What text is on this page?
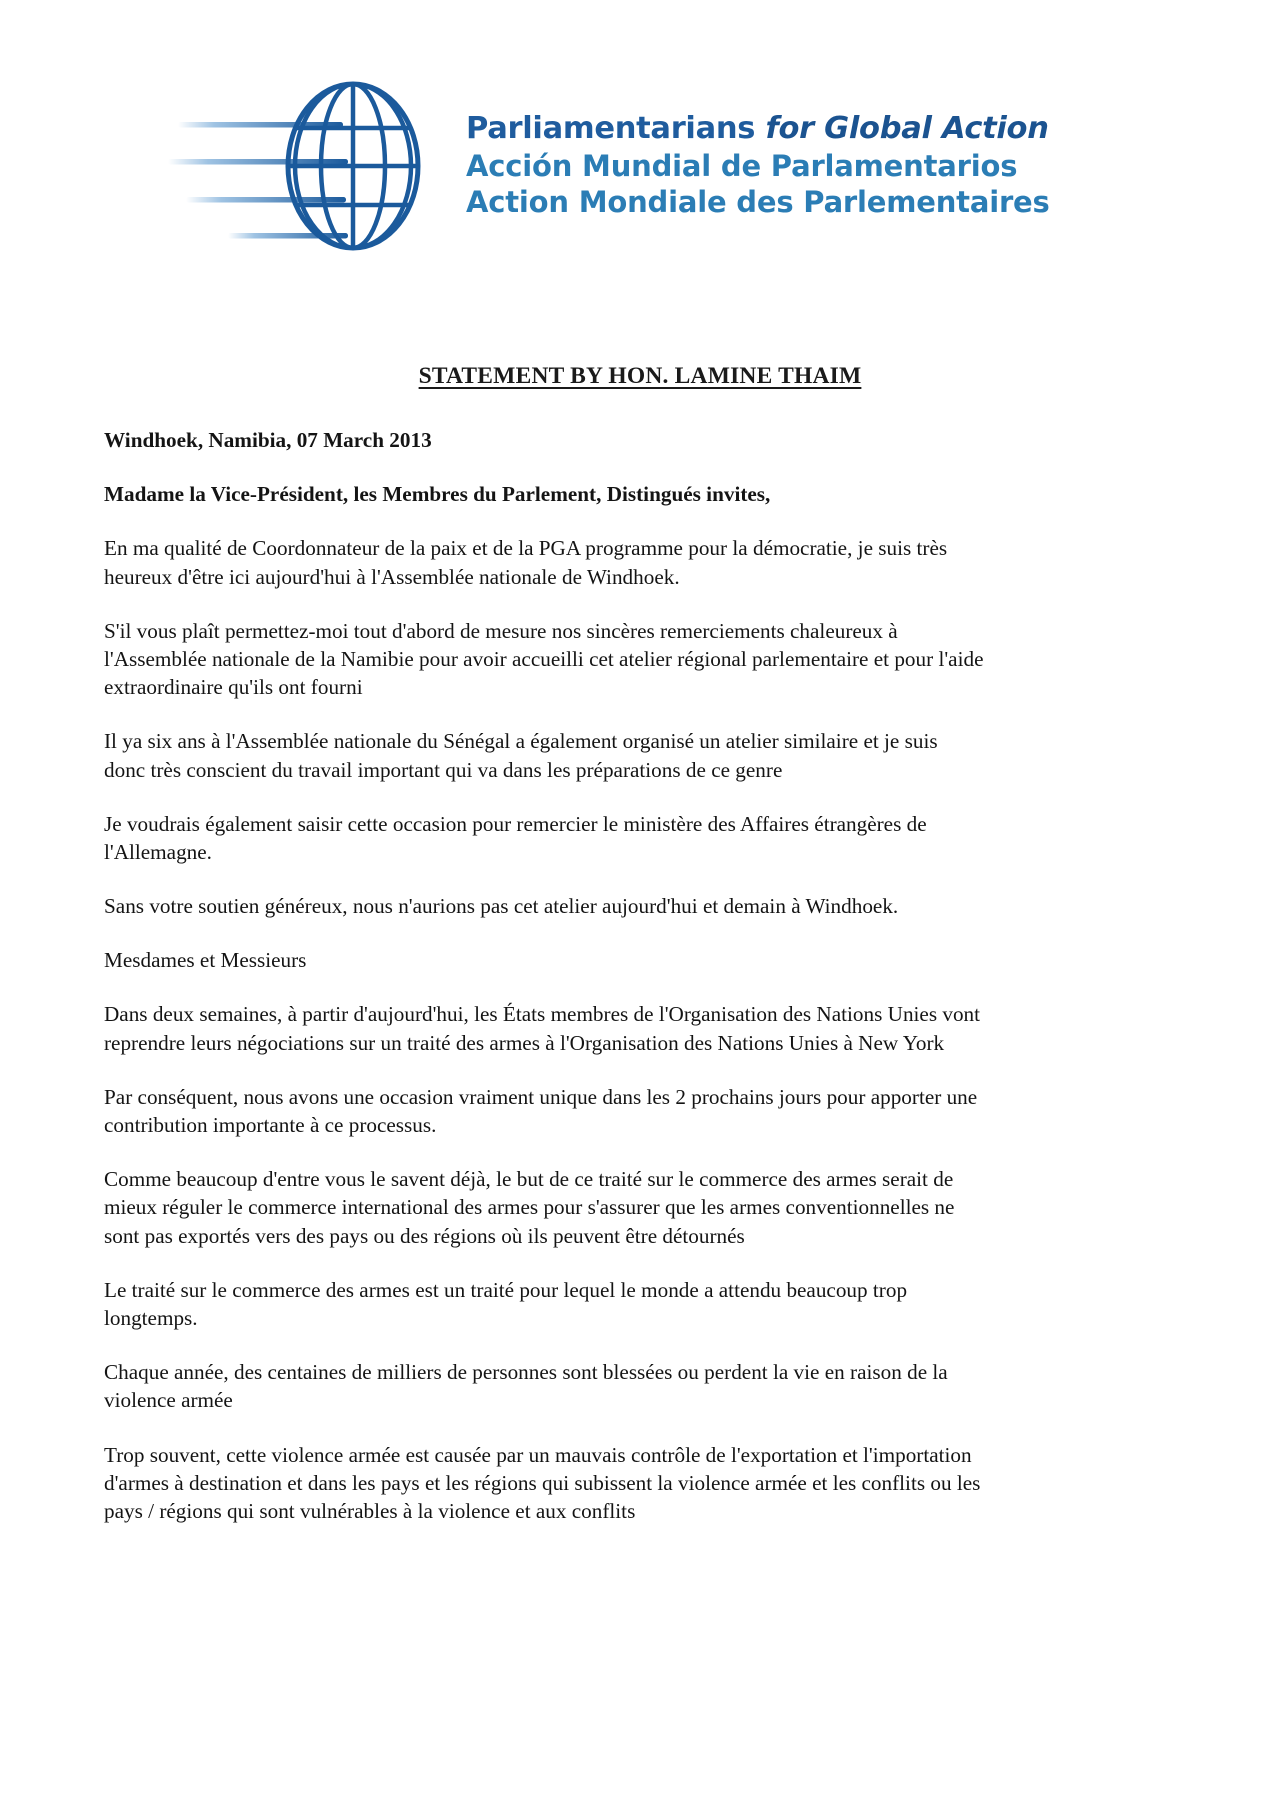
Parliamentarians for Global Action
Acción Mundial de Parlamentarios
Action Mondiale des Parlementaires
STATEMENT BY HON. LAMINE THAIM

Windhoek, Namibia, 07 March 2013

Madame la Vice-Président, les Membres du Parlement, Distingués invites,

En ma qualité de Coordonnateur de la paix et de la PGA programme pour la démocratie, je suis très heureux d'être ici aujourd'hui à l'Assemblée nationale de Windhoek.

S'il vous plaît permettez-moi tout d'abord de mesure nos sincères remerciements chaleureux à l'Assemblée nationale de la Namibie pour avoir accueilli cet atelier régional parlementaire et pour l'aide extraordinaire qu'ils ont fourni

Il ya six ans à l'Assemblée nationale du Sénégal a également organisé un atelier similaire et je suis donc très conscient du travail important qui va dans les préparations de ce genre

Je voudrais également saisir cette occasion pour remercier le ministère des Affaires étrangères de l'Allemagne.

Sans votre soutien généreux, nous n'aurions pas cet atelier aujourd'hui et demain à Windhoek.

Mesdames et Messieurs

Dans deux semaines, à partir d'aujourd'hui, les États membres de l'Organisation des Nations Unies vont reprendre leurs négociations sur un traité des armes à l'Organisation des Nations Unies à New York

Par conséquent, nous avons une occasion vraiment unique dans les 2 prochains jours pour apporter une contribution importante à ce processus.

Comme beaucoup d'entre vous le savent déjà, le but de ce traité sur le commerce des armes serait de mieux réguler le commerce international des armes pour s'assurer que les armes conventionnelles ne sont pas exportés vers des pays ou des régions où ils peuvent être détournés

Le traité sur le commerce des armes est un traité pour lequel le monde a attendu beaucoup trop longtemps.

Chaque année, des centaines de milliers de personnes sont blessées ou perdent la vie en raison de la violence armée

Trop souvent, cette violence armée est causée par un mauvais contrôle de l'exportation et l'importation d'armes à destination et dans les pays et les régions qui subissent la violence armée et les conflits ou les pays / régions qui sont vulnérables à la violence et aux conflits
